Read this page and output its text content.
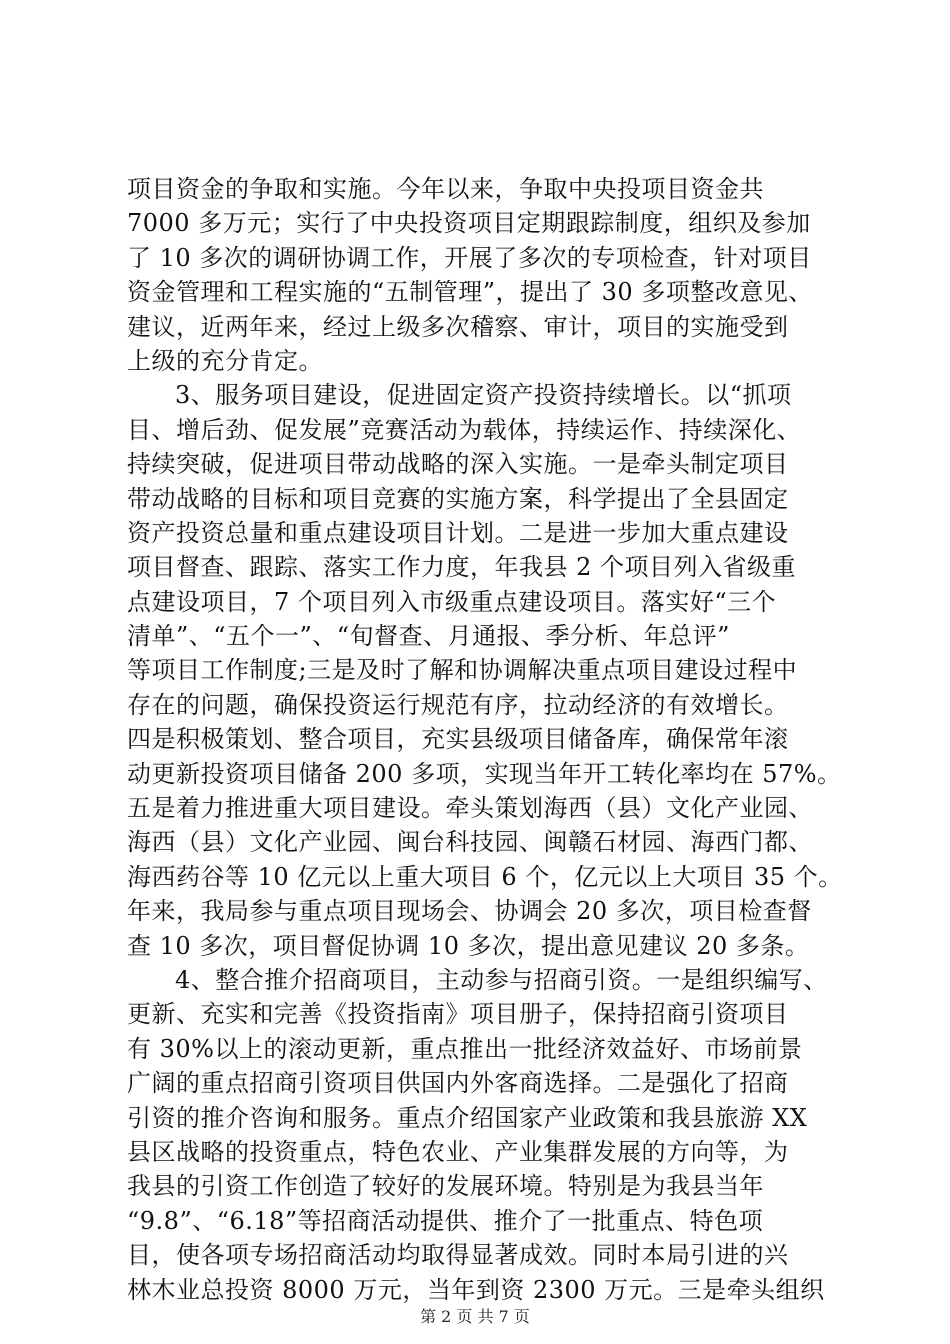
项目资金的争取和实施。今年以来，争取中央投项目资金共
7000 多万元；实行了中央投资项目定期跟踪制度，组织及参加
了 10 多次的调研协调工作，开展了多次的专项检查，针对项目
资金管理和工程实施的“五制管理”，提出了 30 多项整改意见、
建议，近两年来，经过上级多次稽察、审计，项目的实施受到
上级的充分肯定。
3、服务项目建设，促进固定资产投资持续增长。以“抓项
目、增后劲、促发展”竞赛活动为载体，持续运作、持续深化、
持续突破，促进项目带动战略的深入实施。一是牵头制定项目
带动战略的目标和项目竞赛的实施方案，科学提出了全县固定
资产投资总量和重点建设项目计划。二是进一步加大重点建设
项目督查、跟踪、落实工作力度，年我县 2 个项目列入省级重
点建设项目，7 个项目列入市级重点建设项目。落实好“三个
清单”、“五个一”、“旬督查、月通报、季分析、年总评”
等项目工作制度;三是及时了解和协调解决重点项目建设过程中
存在的问题，确保投资运行规范有序，拉动经济的有效增长。
四是积极策划、整合项目，充实县级项目储备库，确保常年滚
动更新投资项目储备 200 多项，实现当年开工转化率均在 57%。
五是着力推进重大项目建设。牵头策划海西（县）文化产业园、
海西（县）文化产业园、闽台科技园、闽赣石材园、海西门都、
海西药谷等 10 亿元以上重大项目 6 个，亿元以上大项目 35 个。
年来，我局参与重点项目现场会、协调会 20 多次，项目检查督
查 10 多次，项目督促协调 10 多次，提出意见建议 20 多条。
4、整合推介招商项目，主动参与招商引资。一是组织编写、
更新、充实和完善《投资指南》项目册子，保持招商引资项目
有 30%以上的滚动更新，重点推出一批经济效益好、市场前景
广阔的重点招商引资项目供国内外客商选择。二是强化了招商
引资的推介咨询和服务。重点介绍国家产业政策和我县旅游 XX
县区战略的投资重点，特色农业、产业集群发展的方向等，为
我县的引资工作创造了较好的发展环境。特别是为我县当年
“9.8”、“6.18”等招商活动提供、推介了一批重点、特色项
目，使各项专场招商活动均取得显著成效。同时本局引进的兴
林木业总投资 8000 万元，当年到资 2300 万元。三是牵头组织
第 2 页 共 7 页
